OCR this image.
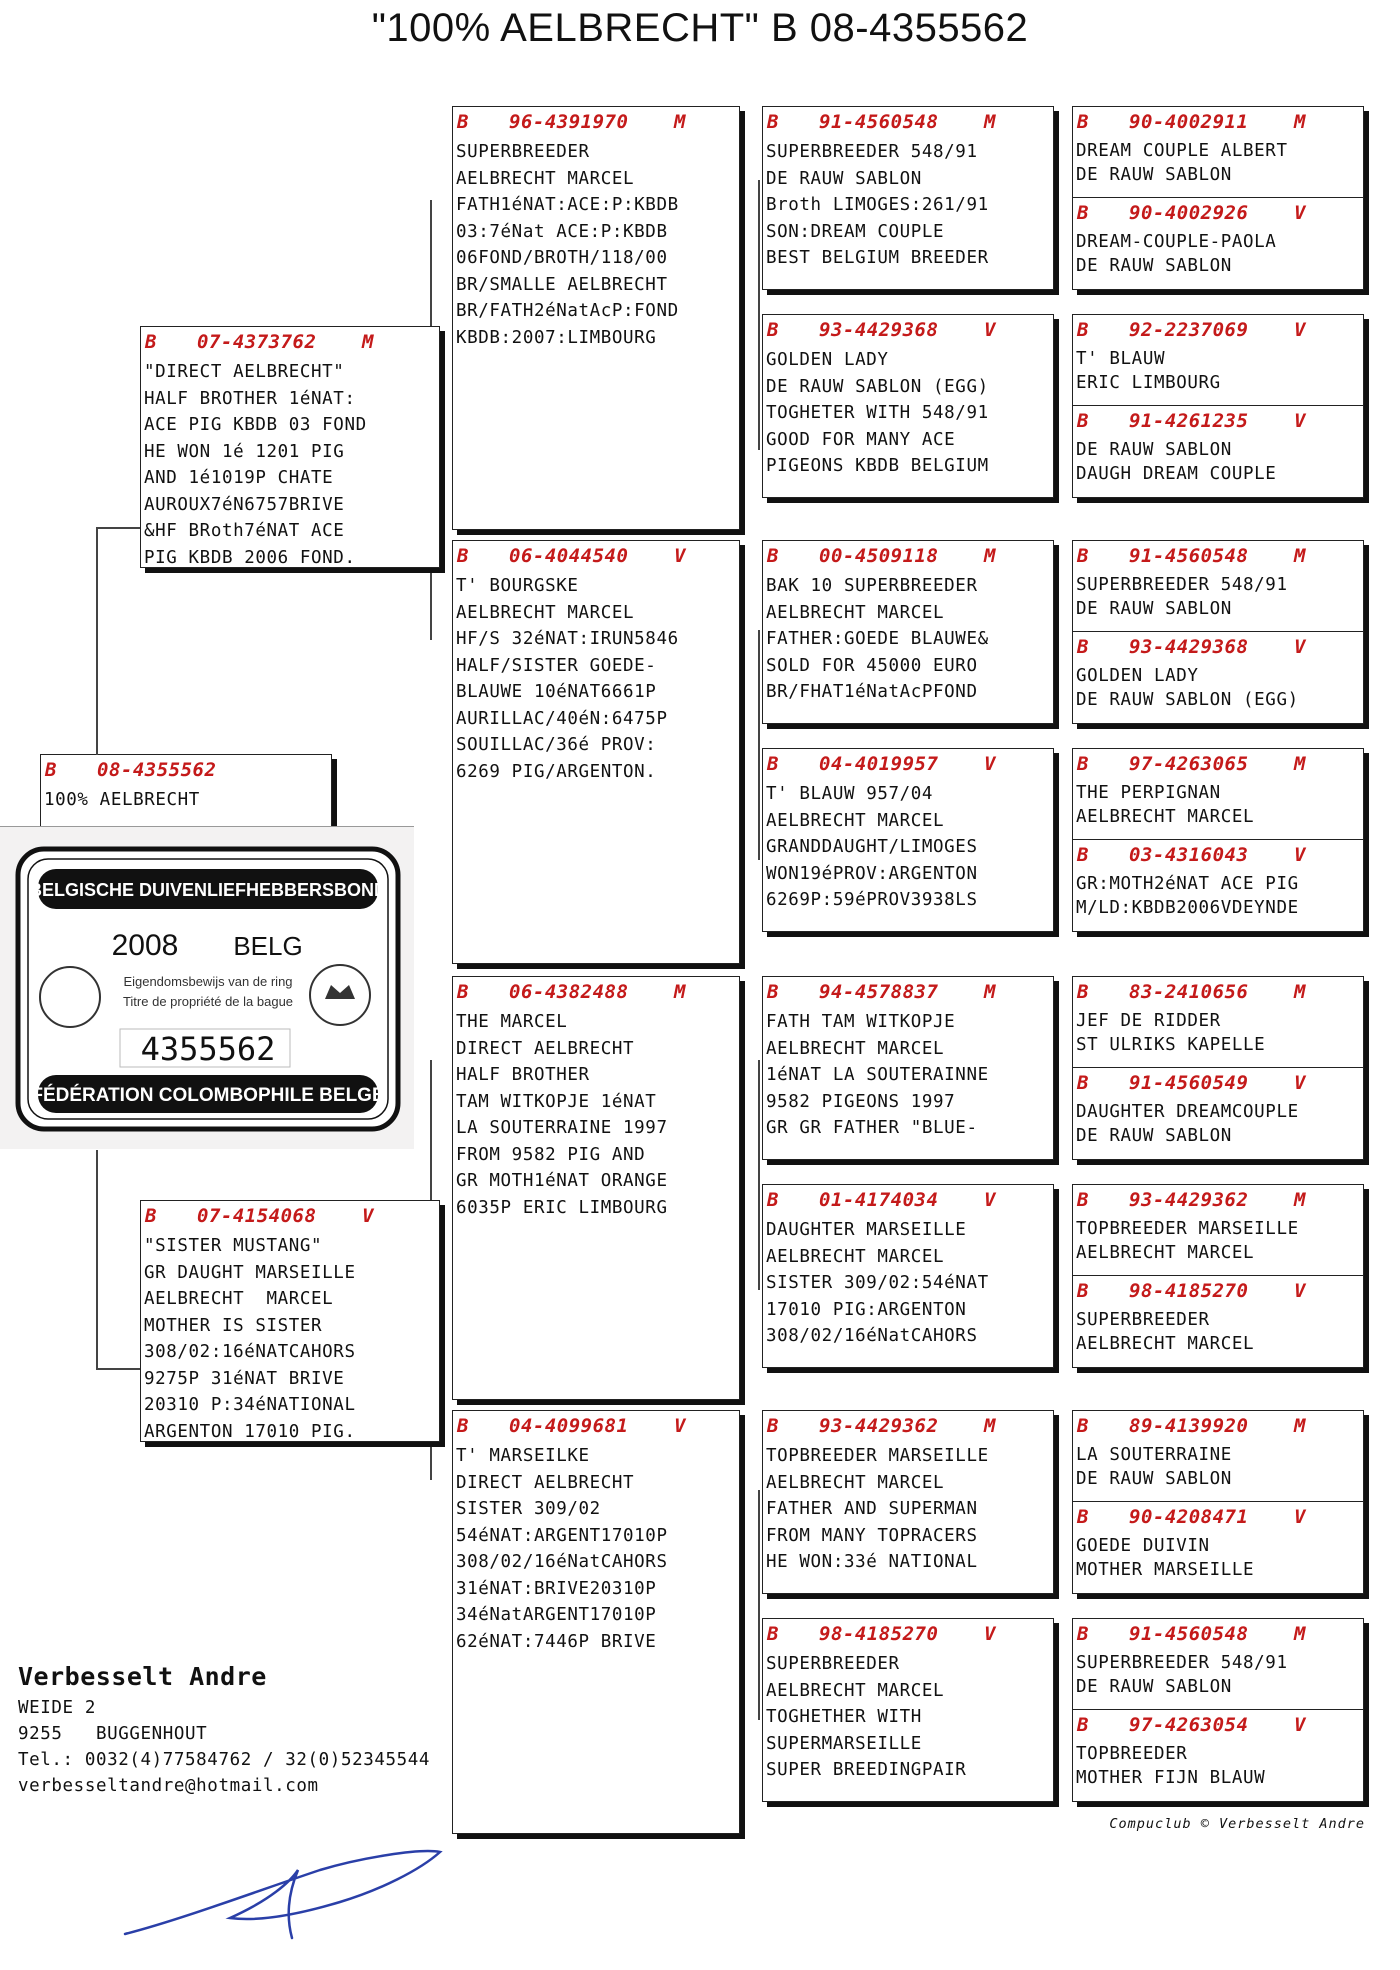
"100% AELBRECHT" B 08-4355562
B	08-4355562
100% AELBRECHT
BELGISCHE DUIVENLIEFHEBBERSBOND
2008 BELG
Eigendomsbewijs van de ring
Titre de propriété de la bague
4355562
FÉDÉRATION COLOMBOPHILE BELGE
B	07-4373762	M
"DIRECT AELBRECHT"
HALF BROTHER 1éNAT:
ACE PIG KBDB 03 FOND
HE WON 1é 1201 PIG
AND 1é1019P CHATE
AUROUX7éN6757BRIVE
&HF BRoth7éNAT ACE
PIG KBDB 2006 FOND.
B	07-4154068	V
"SISTER MUSTANG"
GR DAUGHT MARSEILLE
AELBRECHT  MARCEL
MOTHER IS SISTER
308/02:16éNATCAHORS
9275P 31éNAT BRIVE
20310 P:34éNATIONAL
ARGENTON 17010 PIG.
B	96-4391970	M
SUPERBREEDER
AELBRECHT MARCEL
FATH1éNAT:ACE:P:KBDB
03:7éNat ACE:P:KBDB
06FOND/BROTH/118/00
BR/SMALLE AELBRECHT
BR/FATH2éNatAcP:FOND
KBDB:2007:LIMBOURG
B	06-4044540	V
T' BOURGSKE
AELBRECHT MARCEL
HF/S 32éNAT:IRUN5846
HALF/SISTER GOEDE-
BLAUWE 10éNAT6661P
AURILLAC/40éN:6475P
SOUILLAC/36é PROV:
6269 PIG/ARGENTON.
B	06-4382488	M
THE MARCEL
DIRECT AELBRECHT
HALF BROTHER
TAM WITKOPJE 1éNAT
LA SOUTERRAINE 1997
FROM 9582 PIG AND
GR MOTH1éNAT ORANGE
6035P ERIC LIMBOURG
B	04-4099681	V
T' MARSEILKE
DIRECT AELBRECHT
SISTER 309/02
54éNAT:ARGENT17010P
308/02/16éNatCAHORS
31éNAT:BRIVE20310P
34éNatARGENT17010P
62éNAT:7446P BRIVE
B	91-4560548	M
SUPERBREEDER 548/91
DE RAUW SABLON
Broth LIMOGES:261/91
SON:DREAM COUPLE
BEST BELGIUM BREEDER
B	93-4429368	V
GOLDEN LADY
DE RAUW SABLON (EGG)
TOGHETER WITH 548/91
GOOD FOR MANY ACE
PIGEONS KBDB BELGIUM
B	00-4509118	M
BAK 10 SUPERBREEDER
AELBRECHT MARCEL
FATHER:GOEDE BLAUWE&
SOLD FOR 45000 EURO
BR/FHAT1éNatAcPFOND
B	04-4019957	V
T' BLAUW 957/04
AELBRECHT MARCEL
GRANDDAUGHT/LIMOGES
WON19éPROV:ARGENTON
6269P:59éPROV3938LS
B	94-4578837	M
FATH TAM WITKOPJE
AELBRECHT MARCEL
1éNAT LA SOUTERAINNE
9582 PIGEONS 1997
GR GR FATHER "BLUE-
B	01-4174034	V
DAUGHTER MARSEILLE
AELBRECHT MARCEL
SISTER 309/02:54éNAT
17010 PIG:ARGENTON
308/02/16éNatCAHORS
B	93-4429362	M
TOPBREEDER MARSEILLE
AELBRECHT MARCEL
FATHER AND SUPERMAN
FROM MANY TOPRACERS
HE WON:33é NATIONAL
B	98-4185270	V
SUPERBREEDER
AELBRECHT MARCEL
TOGHETHER WITH
SUPERMARSEILLE
SUPER BREEDINGPAIR
B	90-4002911	M
DREAM COUPLE ALBERT
DE RAUW SABLON
B	90-4002926	V
DREAM-COUPLE-PAOLA
DE RAUW SABLON
B	92-2237069	V
T' BLAUW
ERIC LIMBOURG
B	91-4261235	V
DE RAUW SABLON
DAUGH DREAM COUPLE
B	91-4560548	M
SUPERBREEDER 548/91
DE RAUW SABLON
B	93-4429368	V
GOLDEN LADY
DE RAUW SABLON (EGG)
B	97-4263065	M
THE PERPIGNAN
AELBRECHT MARCEL
B	03-4316043	V
GR:MOTH2éNAT ACE PIG
M/LD:KBDB2006VDEYNDE
B	83-2410656	M
JEF DE RIDDER
ST ULRIKS KAPELLE
B	91-4560549	V
DAUGHTER DREAMCOUPLE
DE RAUW SABLON
B	93-4429362	M
TOPBREEDER MARSEILLE
AELBRECHT MARCEL
B	98-4185270	V
SUPERBREEDER
AELBRECHT MARCEL
B	89-4139920	M
LA SOUTERRAINE
DE RAUW SABLON
B	90-4208471	V
GOEDE DUIVIN
MOTHER MARSEILLE
B	91-4560548	M
SUPERBREEDER 548/91
DE RAUW SABLON
B	97-4263054	V
TOPBREEDER
MOTHER FIJN BLAUW
Verbesselt Andre
WEIDE 2
9255   BUGGENHOUT
Tel.: 0032(4)77584762 / 32(0)52345544
verbesseltandre@hotmail.com
Compuclub © Verbesselt Andre
